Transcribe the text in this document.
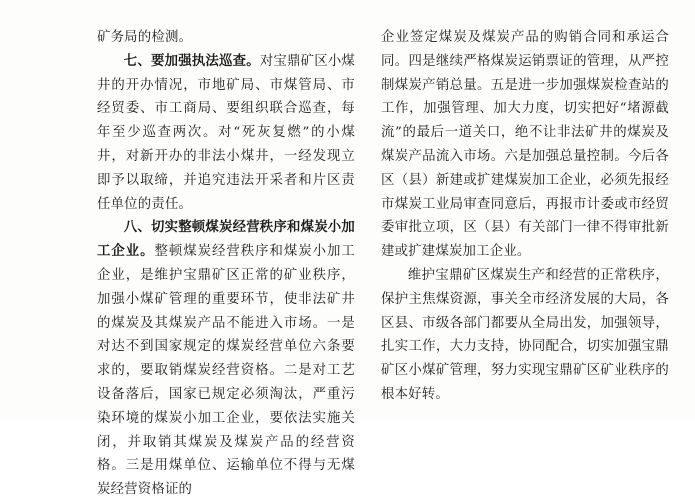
矿务局的检测。

七、要加强执法巡查。对宝鼎矿区小煤井的开办情况，市地矿局、市煤管局、市经贸委、市工商局、要组织联合巡查，每年至少巡查两次。对“死灰复燃”的小煤井，对新开办的非法小煤井，一经发现立即予以取缔，并追究违法开采者和片区责任单位的责任。

八、切实整顿煤炭经营秩序和煤炭小加工企业。整顿煤炭经营秩序和煤炭小加工企业，是维护宝鼎矿区正常的矿业秩序，加强小煤矿管理的重要环节，使非法矿井的煤炭及其煤炭产品不能进入市场。一是对达不到国家规定的煤炭经营单位六条要求的，要取销煤炭经营资格。二是对工艺设备落后，国家已规定必须淘汰，严重污染环境的煤炭小加工企业，要依法实施关闭，并取销其煤炭及煤炭产品的经营资格。三是用煤单位、运输单位不得与无煤炭经营资格证的

企业签定煤炭及煤炭产品的购销合同和承运合同。四是继续严格煤炭运销票证的管理，从严控制煤炭产销总量。五是进一步加强煤炭检查站的工作，加强管理、加大力度，切实把好“堵源截流”的最后一道关口，绝不让非法矿井的煤炭及煤炭产品流入市场。六是加强总量控制。今后各区（县）新建或扩建煤炭加工企业，必须先报经市煤炭工业局审查同意后，再报市计委或市经贸委审批立项，区（县）有关部门一律不得审批新建或扩建煤炭加工企业。

维护宝鼎矿区煤炭生产和经营的正常秩序，保护主焦煤资源，事关全市经济发展的大局，各区县、市级各部门都要从全局出发，加强领导，扎实工作，大力支持，协同配合，切实加强宝鼎矿区小煤矿管理，努力实现宝鼎矿区矿业秩序的根本好转。
